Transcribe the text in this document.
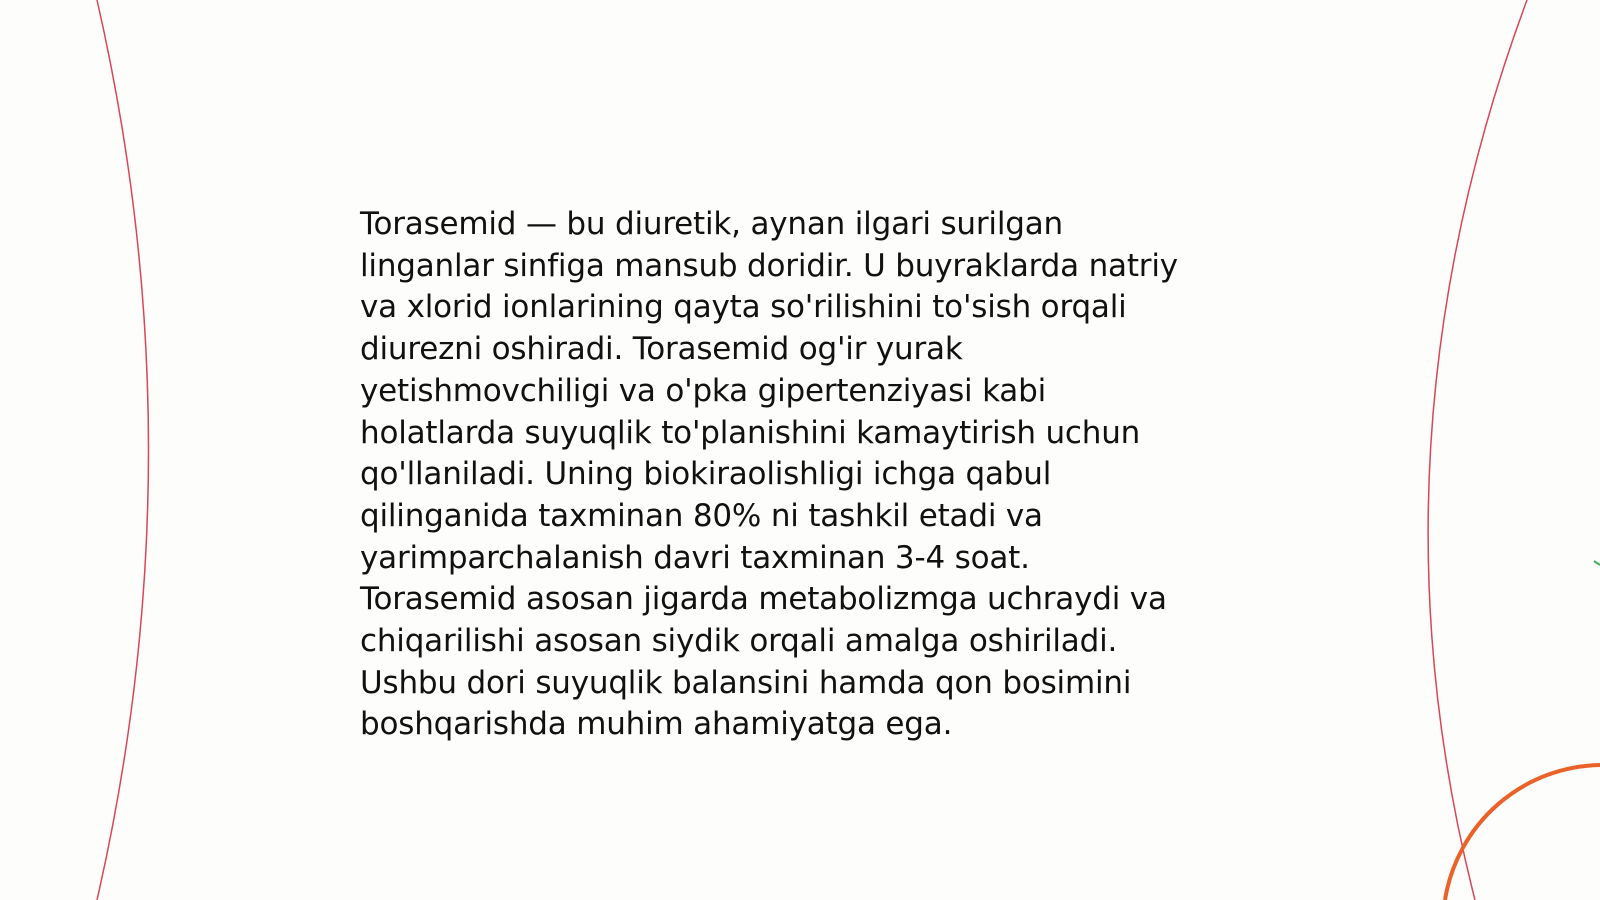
Torasemid — bu diuretik, aynan ilgari surilgan
linganlar sinfiga mansub doridir. U buyraklarda natriy
va xlorid ionlarining qayta so'rilishini to'sish orqali
diurezni oshiradi. Torasemid og'ir yurak
yetishmovchiligi va o'pka gipertenziyasi kabi
holatlarda suyuqlik to'planishini kamaytirish uchun
qo'llaniladi. Uning biokiraolishligi ichga qabul
qilinganida taxminan 80% ni tashkil etadi va
yarimparchalanish davri taxminan 3-4 soat.
Torasemid asosan jigarda metabolizmga uchraydi va
chiqarilishi asosan siydik orqali amalga oshiriladi.
Ushbu dori suyuqlik balansini hamda qon bosimini
boshqarishda muhim ahamiyatga ega.
